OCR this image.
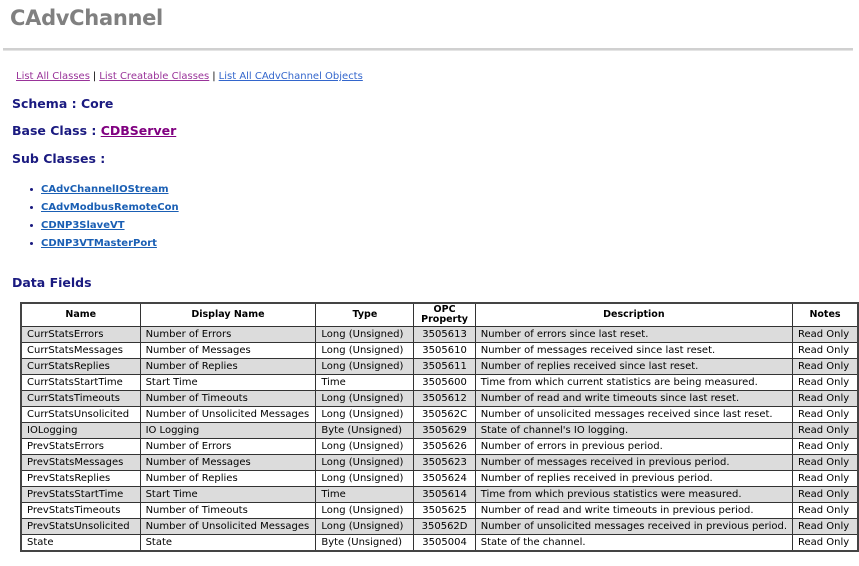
CAdvChannel
List All Classes | List Creatable Classes | List All CAdvChannel Objects
Schema : Core
Base Class : CDBServer
Sub Classes :
CAdvChannelIOStream
CAdvModbusRemoteCon
CDNP3SlaveVT
CDNP3VTMasterPort
Data Fields
Name	Display Name	Type	OPC
Property	Description	Notes
CurrStatsErrors	Number of Errors	Long (Unsigned)	3505613	Number of errors since last reset.	Read Only
CurrStatsMessages	Number of Messages	Long (Unsigned)	3505610	Number of messages received since last reset.	Read Only
CurrStatsReplies	Number of Replies	Long (Unsigned)	3505611	Number of replies received since last reset.	Read Only
CurrStatsStartTime	Start Time	Time	3505600	Time from which current statistics are being measured.	Read Only
CurrStatsTimeouts	Number of Timeouts	Long (Unsigned)	3505612	Number of read and write timeouts since last reset.	Read Only
CurrStatsUnsolicited	Number of Unsolicited Messages	Long (Unsigned)	350562C	Number of unsolicited messages received since last reset.	Read Only
IOLogging	IO Logging	Byte (Unsigned)	3505629	State of channel's IO logging.	Read Only
PrevStatsErrors	Number of Errors	Long (Unsigned)	3505626	Number of errors in previous period.	Read Only
PrevStatsMessages	Number of Messages	Long (Unsigned)	3505623	Number of messages received in previous period.	Read Only
PrevStatsReplies	Number of Replies	Long (Unsigned)	3505624	Number of replies received in previous period.	Read Only
PrevStatsStartTime	Start Time	Time	3505614	Time from which previous statistics were measured.	Read Only
PrevStatsTimeouts	Number of Timeouts	Long (Unsigned)	3505625	Number of read and write timeouts in previous period.	Read Only
PrevStatsUnsolicited	Number of Unsolicited Messages	Long (Unsigned)	350562D	Number of unsolicited messages received in previous period.	Read Only
State	State	Byte (Unsigned)	3505004	State of the channel.	Read Only
